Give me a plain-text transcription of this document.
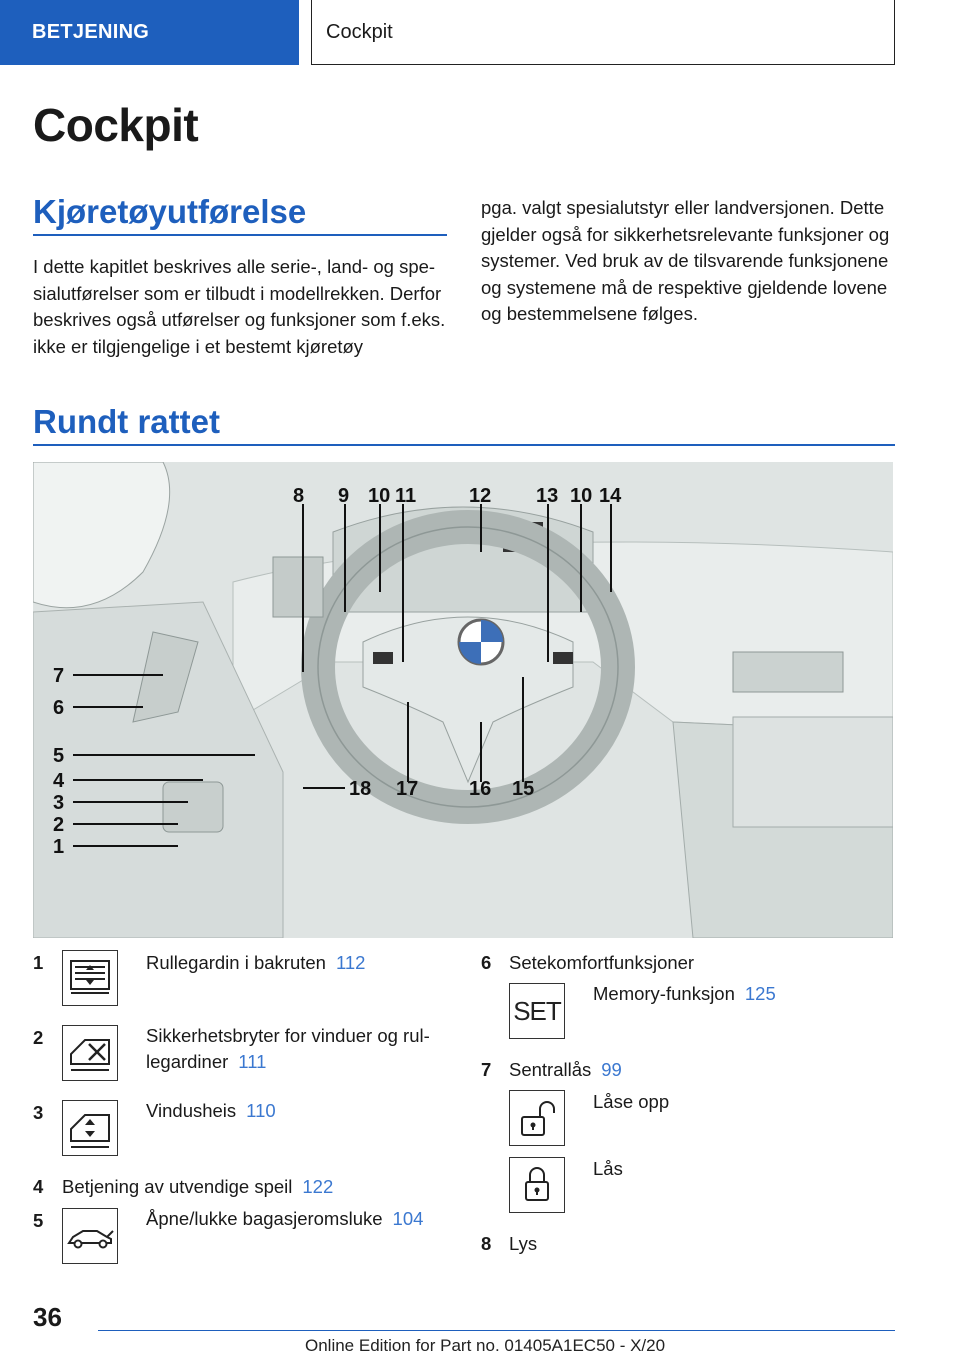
BETJENING	Cockpit
Cockpit
Kjøretøyutførelse

I dette kapitlet beskrives alle serie-, land- og spesialutførelser som er tilbudt i modellrekken. Derfor beskrives også utførelser og funksjoner som f.eks. ikke er tilgjengelige i et bestemt kjøretøy

pga. valgt spesialutstyr eller landversjonen. Dette gjelder også for sikkerhetsrelevante funksjoner og systemer. Ved bruk av de tilsvarende funksjonene og systemene må de respektive gjeldende lovene og bestemmelsene følges.

Rundt rattet
8 9 10 11	12 13 10 14
7
6
5
4
3
2
1
18 17	16 15
1	Rullegardin i bakruten 112
2	Sikkerhetsbryter for vinduer og rullegardiner 111
3	Vindusheis 110
4 Betjening av utvendige speil 122
5	Åpne/lukke bagasjeromsluke 104
6 Setekomfortfunksjoner
SET
Memory-funksjon 125
7 Sentrallås 99
Låse opp
Lås
8 Lys
36
Online Edition for Part no. 01405A1EC50 - X/20
